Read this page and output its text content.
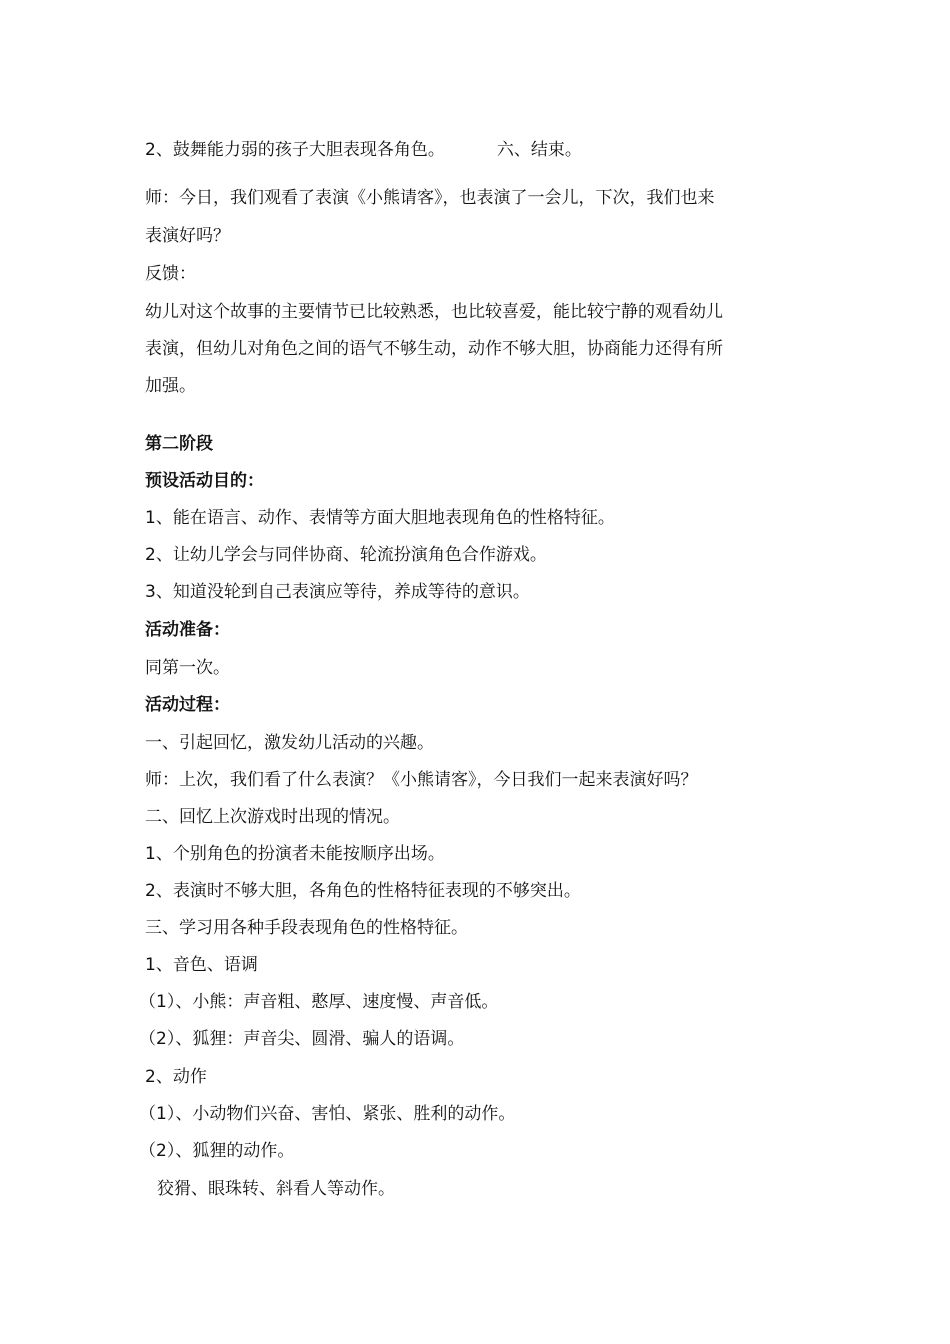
2、鼓舞能力弱的孩子大胆表现各角色。	六、结束。

师：今日，我们观看了表演《小熊请客》，也表演了一会儿，下次，我们也来

表演好吗？

反馈：

幼儿对这个故事的主要情节已比较熟悉，也比较喜爱，能比较宁静的观看幼儿

表演，但幼儿对角色之间的语气不够生动，动作不够大胆，协商能力还得有所

加强。

第二阶段

预设活动目的：

1、能在语言、动作、表情等方面大胆地表现角色的性格特征。

2、让幼儿学会与同伴协商、轮流扮演角色合作游戏。

3、知道没轮到自己表演应等待，养成等待的意识。

活动准备：

同第一次。

活动过程：

一、引起回忆，激发幼儿活动的兴趣。

师：上次，我们看了什么表演？《小熊请客》，今日我们一起来表演好吗？

二、回忆上次游戏时出现的情况。

1、个别角色的扮演者未能按顺序出场。

2、表演时不够大胆，各角色的性格特征表现的不够突出。

三、学习用各种手段表现角色的性格特征。

1、音色、语调

（1）、小熊：声音粗、憨厚、速度慢、声音低。

（2）、狐狸：声音尖、圆滑、骗人的语调。

2、动作

（1）、小动物们兴奋、害怕、紧张、胜利的动作。

（2）、狐狸的动作。

狡猾、眼珠转、斜看人等动作。
